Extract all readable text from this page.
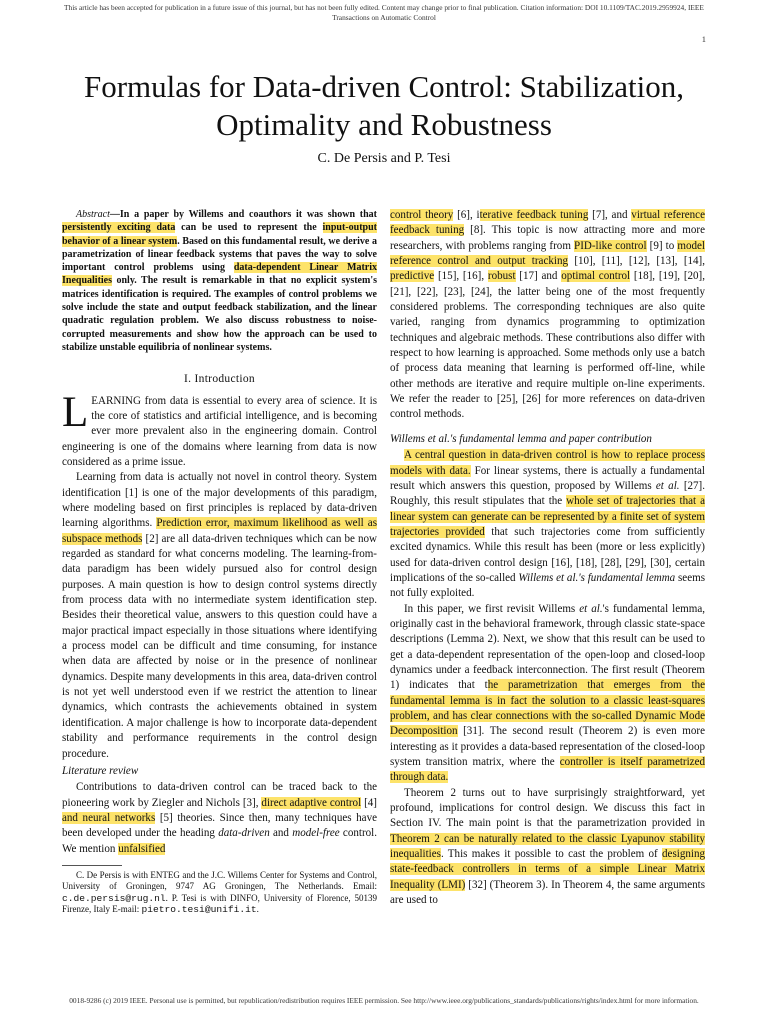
This article has been accepted for publication in a future issue of this journal, but has not been fully edited. Content may change prior to final publication. Citation information: DOI 10.1109/TAC.2019.2959924, IEEE
Transactions on Automatic Control
1
Formulas for Data-driven Control: Stabilization,
Optimality and Robustness
C. De Persis and P. Tesi

Abstract—In a paper by Willems and coauthors it was shown that persistently exciting data can be used to represent the input-output behavior of a linear system. Based on this fundamental result, we derive a parametrization of linear feedback systems that paves the way to solve important control problems using data-dependent Linear Matrix Inequalities only. The result is remarkable in that no explicit system's matrices identification is required. The examples of control problems we solve include the state and output feedback stabilization, and the linear quadratic regulation problem. We also discuss robustness to noise-corrupted measurements and show how the approach can be used to stabilize unstable equilibria of nonlinear systems.

I. Introduction

LEARNING from data is essential to every area of science. It is the core of statistics and artificial intelligence, and is becoming ever more prevalent also in the engineering domain. Control engineering is one of the domains where learning from data is now considered as a prime issue.

Learning from data is actually not novel in control theory. System identification [1] is one of the major developments of this paradigm, where modeling based on first principles is replaced by data-driven learning algorithms. Prediction error, maximum likelihood as well as subspace methods [2] are all data-driven techniques which can be now regarded as standard for what concerns modeling. The learning-from-data paradigm has been widely pursued also for control design purposes. A main question is how to design control systems directly from process data with no intermediate system identification step. Besides their theoretical value, answers to this question could have a major practical impact especially in those situations where identifying a process model can be difficult and time consuming, for instance when data are affected by noise or in the presence of nonlinear dynamics. Despite many developments in this area, data-driven control is not yet well understood even if we restrict the attention to linear dynamics, which contrasts the achievements obtained in system identification. A major challenge is how to incorporate data-dependent stability and performance requirements in the control design procedure.

Literature review

Contributions to data-driven control can be traced back to the pioneering work by Ziegler and Nichols [3], direct adaptive control [4] and neural networks [5] theories. Since then, many techniques have been developed under the heading data-driven and model-free control. We mention unfalsified

C. De Persis is with ENTEG and the J.C. Willems Center for Systems and Control, University of Groningen, 9747 AG Groningen, The Netherlands. Email: c.de.persis@rug.nl. P. Tesi is with DINFO, University of Florence, 50139 Firenze, Italy E-mail: pietro.tesi@unifi.it.

control theory [6], iterative feedback tuning [7], and virtual reference feedback tuning [8]. This topic is now attracting more and more researchers, with problems ranging from PID-like control [9] to model reference control and output tracking [10], [11], [12], [13], [14], predictive [15], [16], robust [17] and optimal control [18], [19], [20], [21], [22], [23], [24], the latter being one of the most frequently considered problems. The corresponding techniques are also quite varied, ranging from dynamics programming to optimization techniques and algebraic methods. These contributions also differ with respect to how learning is approached. Some methods only use a batch of process data meaning that learning is performed off-line, while other methods are iterative and require multiple on-line experiments. We refer the reader to [25], [26] for more references on data-driven control methods.

Willems et al.'s fundamental lemma and paper contribution

A central question in data-driven control is how to replace process models with data. For linear systems, there is actually a fundamental result which answers this question, proposed by Willems et al. [27]. Roughly, this result stipulates that the whole set of trajectories that a linear system can generate can be represented by a finite set of system trajectories provided that such trajectories come from sufficiently excited dynamics. While this result has been (more or less explicitly) used for data-driven control design [16], [18], [28], [29], [30], certain implications of the so-called Willems et al.'s fundamental lemma seems not fully exploited.

In this paper, we first revisit Willems et al.'s fundamental lemma, originally cast in the behavioral framework, through classic state-space descriptions (Lemma 2). Next, we show that this result can be used to get a data-dependent representation of the open-loop and closed-loop dynamics under a feedback interconnection. The first result (Theorem 1) indicates that the parametrization that emerges from the fundamental lemma is in fact the solution to a classic least-squares problem, and has clear connections with the so-called Dynamic Mode Decomposition [31]. The second result (Theorem 2) is even more interesting as it provides a data-based representation of the closed-loop system transition matrix, where the controller is itself parametrized through data.

Theorem 2 turns out to have surprisingly straightforward, yet profound, implications for control design. We discuss this fact in Section IV. The main point is that the parametrization provided in Theorem 2 can be naturally related to the classic Lyapunov stability inequalities. This makes it possible to cast the problem of designing state-feedback controllers in terms of a simple Linear Matrix Inequality (LMI) [32] (Theorem 3). In Theorem 4, the same arguments are used to

0018-9286 (c) 2019 IEEE. Personal use is permitted, but republication/redistribution requires IEEE permission. See http://www.ieee.org/publications_standards/publications/rights/index.html for more information.
